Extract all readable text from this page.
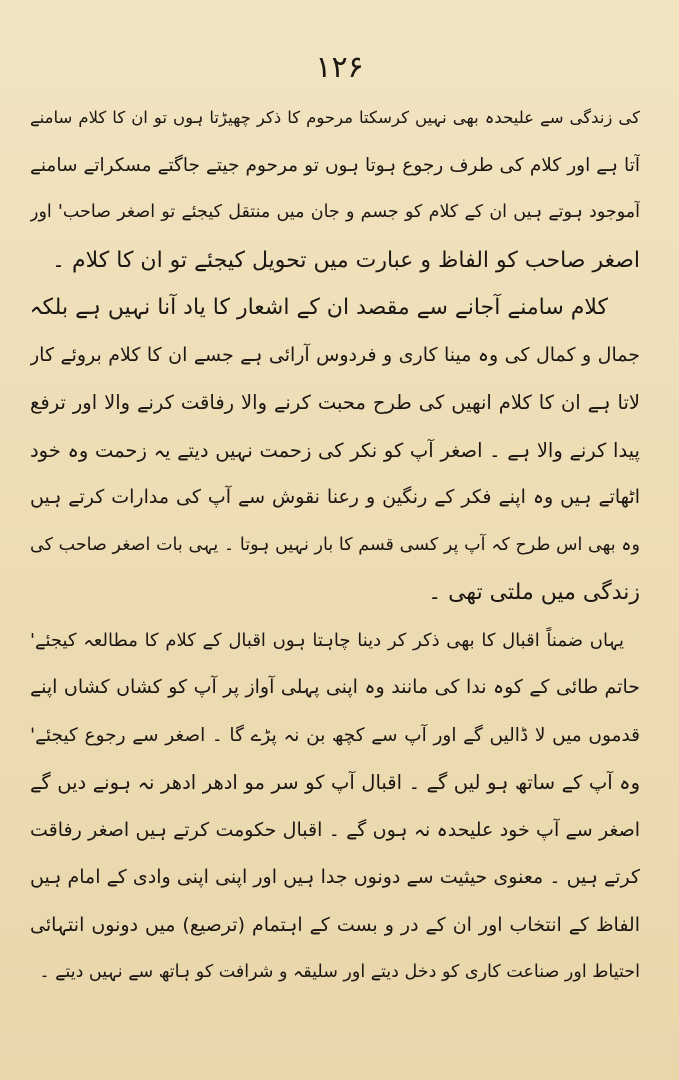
۱۲۶
کی زندگی سے علیحدہ بھی نہیں کرسکتا مرحوم کا ذکر چھیڑتا ہوں تو ان کا کلام سامنے
آتا ہے اور کلام کی طرف رجوع ہوتا ہوں تو مرحوم جیتے جاگتے مسکراتے سامنے
آموجود ہوتے ہیں ان کے کلام کو جسم و جان میں منتقل کیجئے تو اصغر صاحب' اور
اصغر صاحب کو الفاظ و عبارت میں تحویل کیجئے تو ان کا کلام ۔
کلام سامنے آجانے سے مقصد ان کے اشعار کا یاد آنا نہیں ہے بلکہ
جمال و کمال کی وہ مینا کاری و فردوس آرائی ہے جسے ان کا کلام بروئے کار
لاتا ہے ان کا کلام انھیں کی طرح محبت کرنے والا رفاقت کرنے والا اور ترفع
پیدا کرنے والا ہے ۔ اصغر آپ کو نکر کی زحمت نہیں دیتے یہ زحمت وہ خود
اٹھاتے ہیں وہ اپنے فکر کے رنگین و رعنا نقوش سے آپ کی مدارات کرتے ہیں
وہ بھی اس طرح کہ آپ پر کسی قسم کا بار نہیں ہوتا ۔ یہی بات اصغر صاحب کی
زندگی میں ملتی تھی ۔
یہاں ضمناً اقبال کا بھی ذکر کر دینا چاہتا ہوں اقبال کے کلام کا مطالعہ کیجئے'
حاتم طائی کے کوہ ندا کی مانند وہ اپنی پہلی آواز پر آپ کو کشاں کشاں اپنے
قدموں میں لا ڈالیں گے اور آپ سے کچھ بن نہ پڑے گا ۔ اصغر سے رجوع کیجئے'
وہ آپ کے ساتھ ہو لیں گے ۔ اقبال آپ کو سر مو ادھر ادھر نہ ہونے دیں گے
اصغر سے آپ خود علیحدہ نہ ہوں گے ۔ اقبال حکومت کرتے ہیں اصغر رفاقت
کرتے ہیں ۔ معنوی حیثیت سے دونوں جدا ہیں اور اپنی اپنی وادی کے امام ہیں
الفاظ کے انتخاب اور ان کے در و بست کے اہتمام (ترصیع) میں دونوں انتہائی
احتیاط اور صناعت کاری کو دخل دیتے اور سلیقہ و شرافت کو ہاتھ سے نہیں دیتے ۔
